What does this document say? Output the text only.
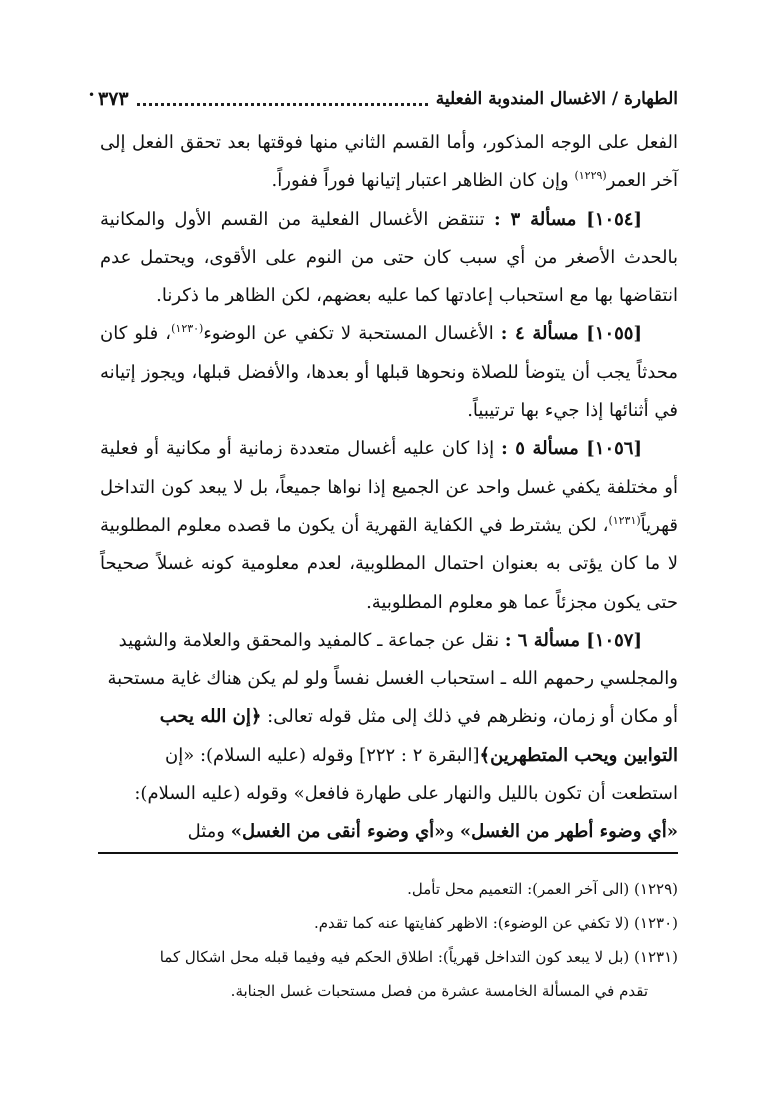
الطهارة / الاغسال المندوبة الفعلية
٣٧٣
•

الفعل على الوجه المذكور، وأما القسم الثاني منها فوقتها بعد تحقق الفعل إلى آخر العمر$^{(١٢٢٩)}$ وإن كان الظاهر اعتبار إتيانها فوراً ففوراً.

[١٠٥٤] مسألة ٣ : تنتقض الأغسال الفعلية من القسم الأول والمكانية بالحدث الأصغر من أي سبب كان حتى من النوم على الأقوى، ويحتمل عدم انتقاضها بها مع استحباب إعادتها كما عليه بعضهم، لكن الظاهر ما ذكرنا.

[١٠٥٥] مسألة ٤ : الأغسال المستحبة لا تكفي عن الوضوء$^{(١٢٣٠)}$، فلو كان محدثاً يجب أن يتوضأ للصلاة ونحوها قبلها أو بعدها، والأفضل قبلها، ويجوز إتيانه في أثنائها إذا جيء بها ترتيبياً.

[١٠٥٦] مسألة ٥ : إذا كان عليه أغسال متعددة زمانية أو مكانية أو فعلية أو مختلفة يكفي غسل واحد عن الجميع إذا نواها جميعاً، بل لا يبعد كون التداخل قهرياً$^{(١٢٣١)}$، لكن يشترط في الكفاية القهرية أن يكون ما قصده معلوم المطلوبية لا ما كان يؤتى به بعنوان احتمال المطلوبية، لعدم معلومية كونه غسلاً صحيحاً حتى يكون مجزئاً عما هو معلوم المطلوبية.

[١٠٥٧] مسألة ٦ : نقل عن جماعة ـ كالمفيد والمحقق والعلامة والشهيد والمجلسي رحمهم الله ـ استحباب الغسل نفساً ولو لم يكن هناك غاية مستحبة أو مكان أو زمان، ونظرهم في ذلك إلى مثل قوله تعالى: ﴿إن الله يحب التوابين ويحب المتطهرين﴾[البقرة ٢ : ٢٢٢] وقوله (عليه السلام): «إن استطعت أن تكون بالليل والنهار على طهارة فافعل» وقوله (عليه السلام): «أي وضوء أطهر من الغسل» و«أي وضوء أنقى من الغسل» ومثل

(١٢٢٩) (الى آخر العمر): التعميم محل تأمل.

(١٢٣٠) (لا تكفي عن الوضوء): الاظهر كفايتها عنه كما تقدم.

(١٢٣١) (بل لا يبعد كون التداخل قهرياً): اطلاق الحكم فيه وفيما قبله محل اشكال كما

تقدم في المسألة الخامسة عشرة من فصل مستحبات غسل الجنابة.
